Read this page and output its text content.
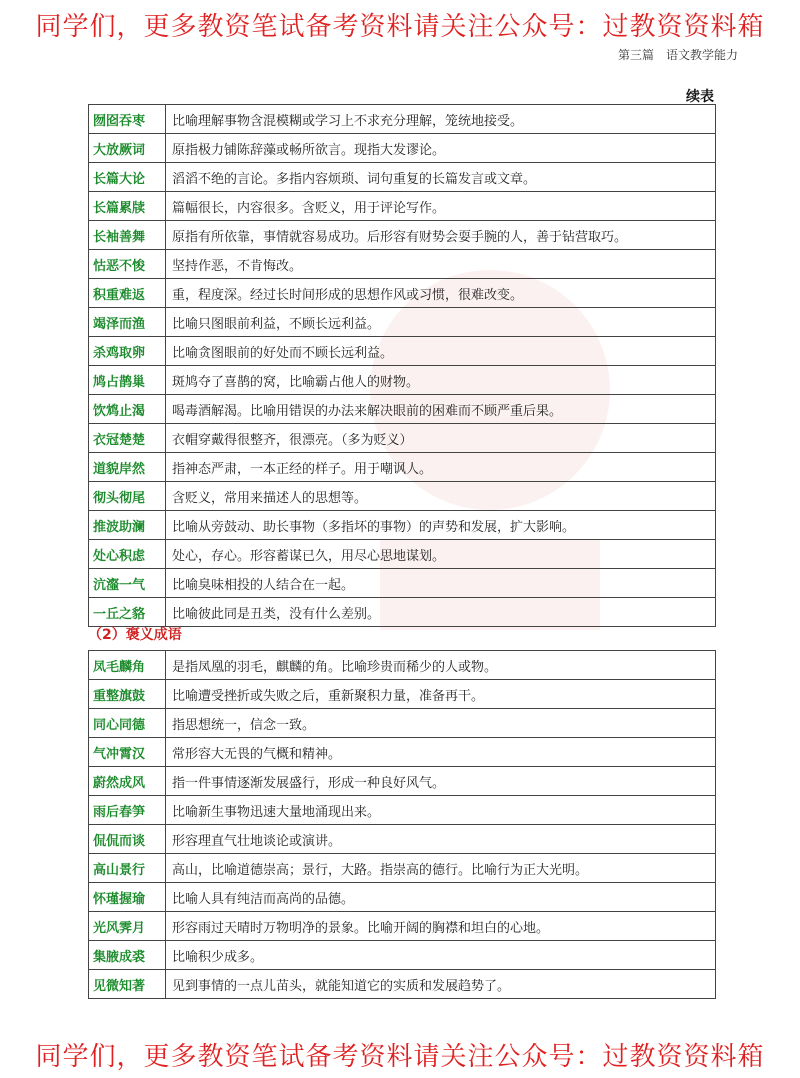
同学们，更多教资笔试备考资料请关注公众号：过教资资料箱
第三篇　语文教学能力
续表
囫囵吞枣	比喻理解事物含混模糊或学习上不求充分理解，笼统地接受。
大放厥词	原指极力铺陈辞藻或畅所欲言。现指大发谬论。
长篇大论	滔滔不绝的言论。多指内容烦琐、词句重复的长篇发言或文章。
长篇累牍	篇幅很长，内容很多。含贬义，用于评论写作。
长袖善舞	原指有所依靠，事情就容易成功。后形容有财势会耍手腕的人，善于钻营取巧。
怙恶不悛	坚持作恶，不肯悔改。
积重难返	重，程度深。经过长时间形成的思想作风或习惯，很难改变。
竭泽而渔	比喻只图眼前利益，不顾长远利益。
杀鸡取卵	比喻贪图眼前的好处而不顾长远利益。
鸠占鹊巢	斑鸠夺了喜鹊的窝，比喻霸占他人的财物。
饮鸩止渴	喝毒酒解渴。比喻用错误的办法来解决眼前的困难而不顾严重后果。
衣冠楚楚	衣帽穿戴得很整齐，很漂亮。（多为贬义）
道貌岸然	指神态严肃，一本正经的样子。用于嘲讽人。
彻头彻尾	含贬义，常用来描述人的思想等。
推波助澜	比喻从旁鼓动、助长事物（多指坏的事物）的声势和发展，扩大影响。
处心积虑	处心，存心。形容蓄谋已久，用尽心思地谋划。
沆瀣一气	比喻臭味相投的人结合在一起。
一丘之貉	比喻彼此同是丑类，没有什么差别。
（2）褒义成语
凤毛麟角	是指凤凰的羽毛，麒麟的角。比喻珍贵而稀少的人或物。
重整旗鼓	比喻遭受挫折或失败之后，重新聚积力量，准备再干。
同心同德	指思想统一，信念一致。
气冲霄汉	常形容大无畏的气概和精神。
蔚然成风	指一件事情逐渐发展盛行，形成一种良好风气。
雨后春笋	比喻新生事物迅速大量地涌现出来。
侃侃而谈	形容理直气壮地谈论或演讲。
高山景行	高山，比喻道德崇高；景行，大路。指崇高的德行。比喻行为正大光明。
怀瑾握瑜	比喻人具有纯洁而高尚的品德。
光风霁月	形容雨过天晴时万物明净的景象。比喻开阔的胸襟和坦白的心地。
集腋成裘	比喻积少成多。
见微知著	见到事情的一点儿苗头，就能知道它的实质和发展趋势了。
同学们，更多教资笔试备考资料请关注公众号：过教资资料箱
